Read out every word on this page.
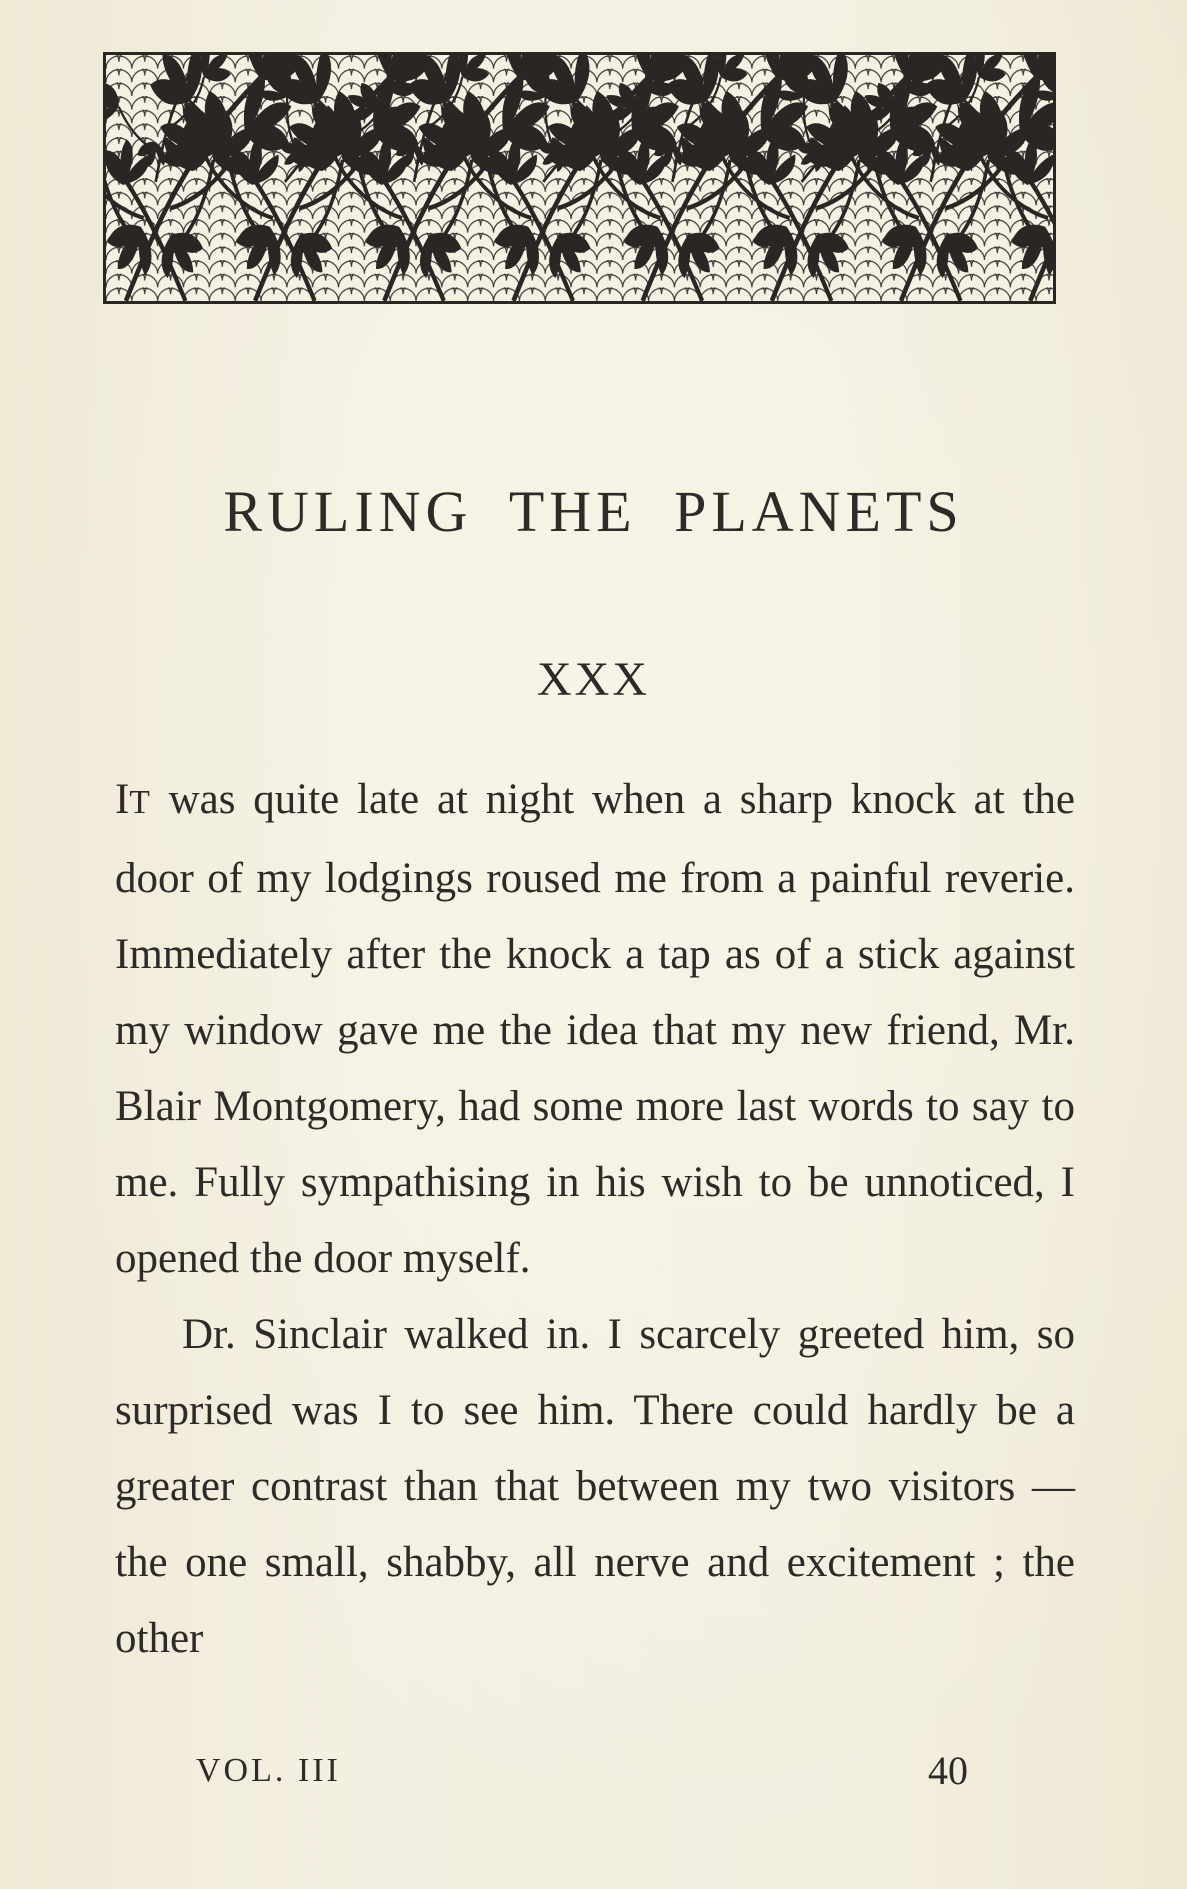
RULING THE PLANETS
XXX

IT was quite late at night when a sharp knock at the door of my lodgings roused me from a painful reverie. Immediately after the knock a tap as of a stick against my window gave me the idea that my new friend, Mr. Blair Montgomery, had some more last words to say to me. Fully sympathising in his wish to be unnoticed, I opened the door myself.

Dr. Sinclair walked in. I scarcely greeted him, so surprised was I to see him. There could hardly be a greater contrast than that between my two visitors — the one small, shabby, all nerve and excitement ; the other

VOL. III	40
